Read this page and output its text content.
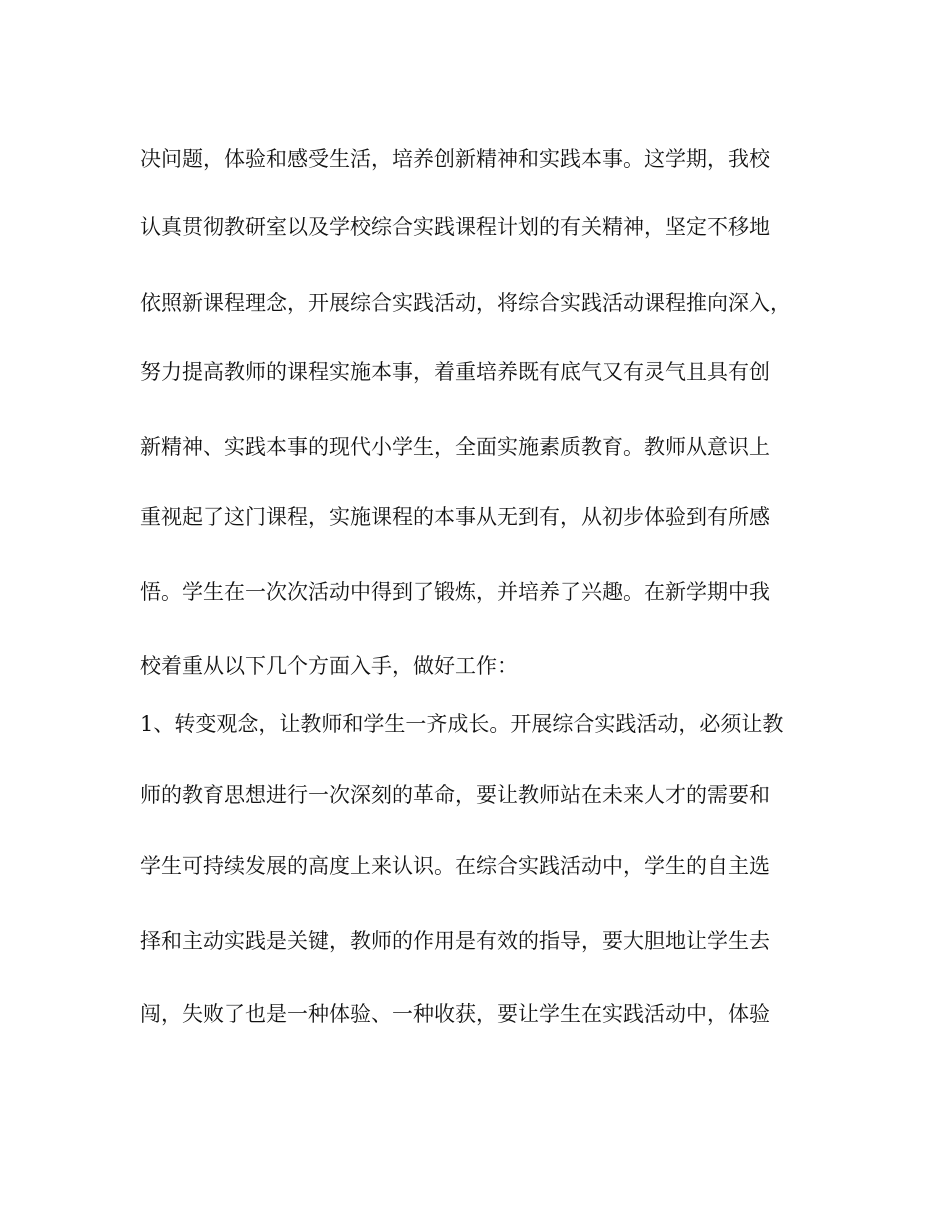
决问题，体验和感受生活，培养创新精神和实践本事。这学期，我校
认真贯彻教研室以及学校综合实践课程计划的有关精神，坚定不移地
依照新课程理念，开展综合实践活动，将综合实践活动课程推向深入，
努力提高教师的课程实施本事，着重培养既有底气又有灵气且具有创
新精神、实践本事的现代小学生，全面实施素质教育。教师从意识上
重视起了这门课程，实施课程的本事从无到有，从初步体验到有所感
悟。学生在一次次活动中得到了锻炼，并培养了兴趣。在新学期中我
校着重从以下几个方面入手，做好工作：
1、转变观念，让教师和学生一齐成长。开展综合实践活动，必须让教
师的教育思想进行一次深刻的革命，要让教师站在未来人才的需要和
学生可持续发展的高度上来认识。在综合实践活动中，学生的自主选
择和主动实践是关键，教师的作用是有效的指导，要大胆地让学生去
闯，失败了也是一种体验、一种收获，要让学生在实践活动中，体验
